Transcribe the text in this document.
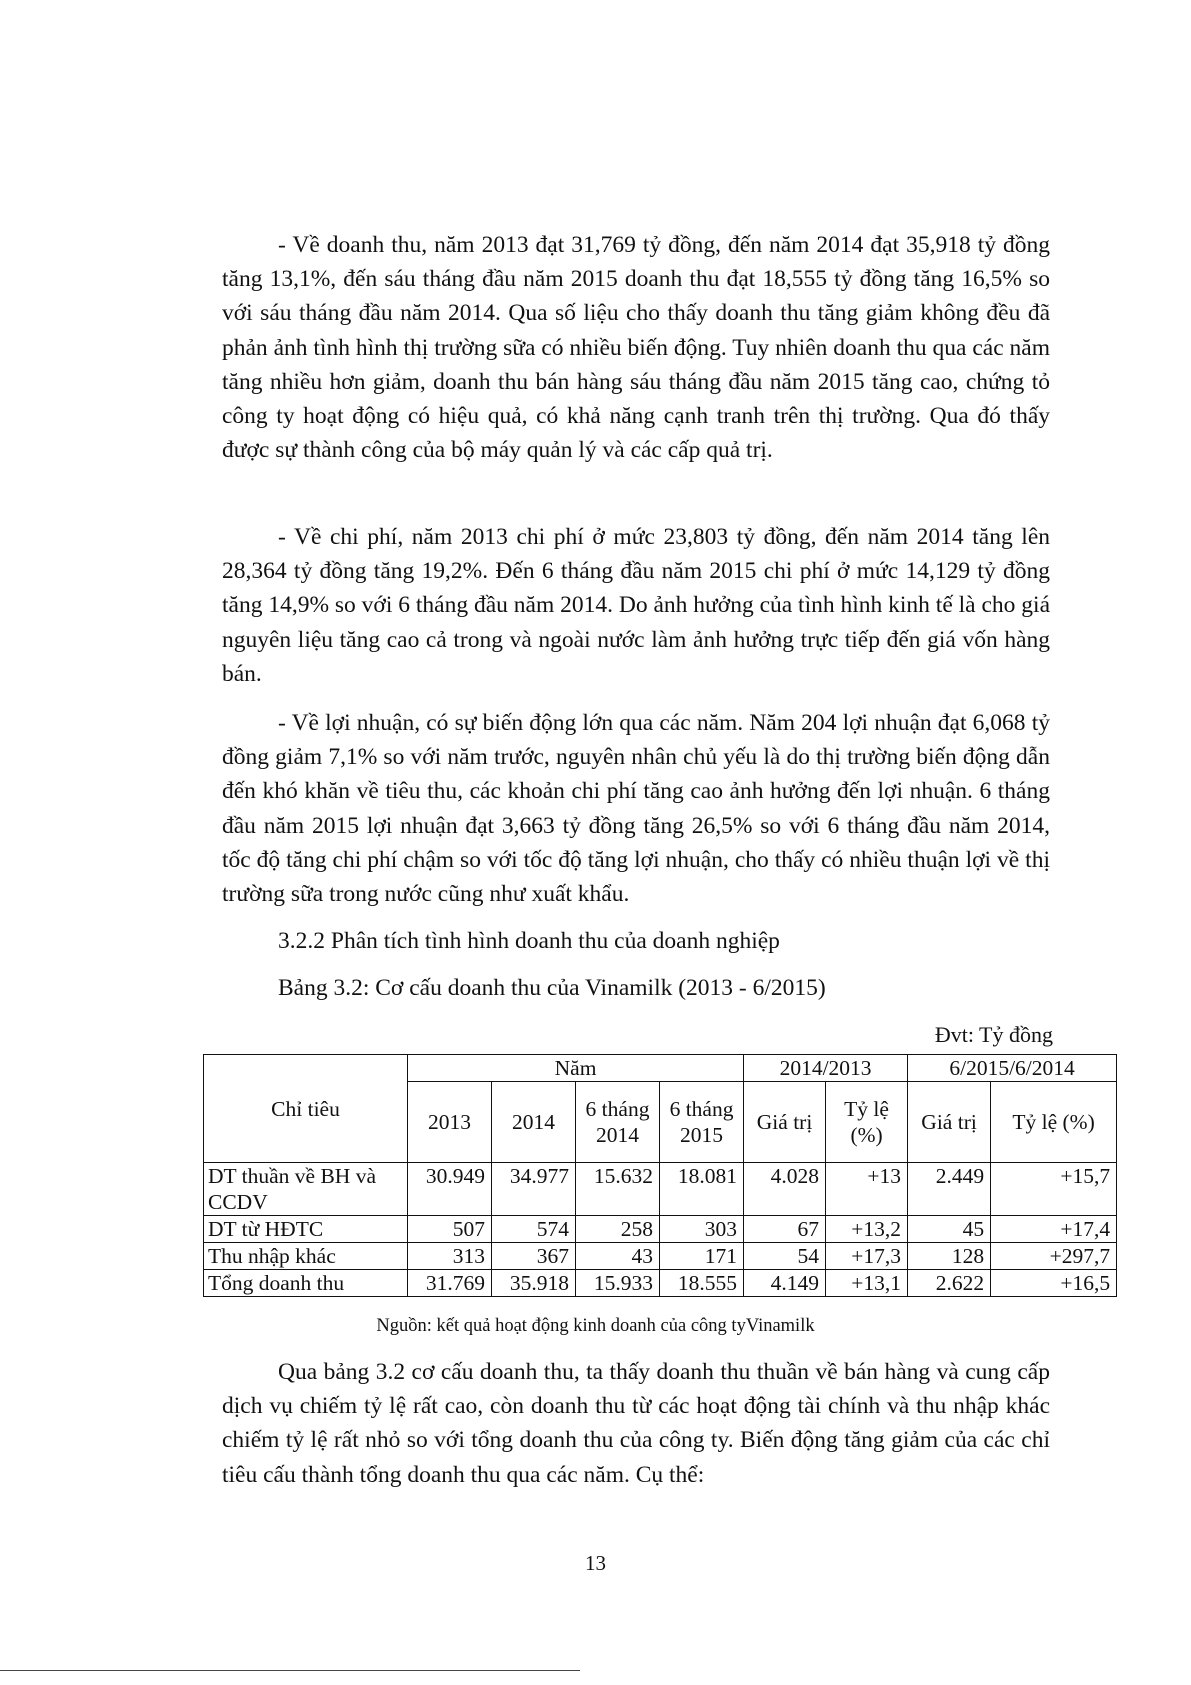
- Về doanh thu, năm 2013 đạt 31,769 tỷ đồng, đến năm 2014 đạt 35,918 tỷ đồng tăng 13,1%, đến sáu tháng đầu năm 2015 doanh thu đạt 18,555 tỷ đồng tăng 16,5% so với sáu tháng đầu năm 2014. Qua số liệu cho thấy doanh thu tăng giảm không đều đã phản ảnh tình hình thị trường sữa có nhiều biến động. Tuy nhiên doanh thu qua các năm tăng nhiều hơn giảm, doanh thu bán hàng sáu tháng đầu năm 2015 tăng cao, chứng tỏ công ty hoạt động có hiệu quả, có khả năng cạnh tranh trên thị trường. Qua đó thấy được sự thành công của bộ máy quản lý và các cấp quả trị.

- Về chi phí, năm 2013 chi phí ở mức 23,803 tỷ đồng, đến năm 2014 tăng lên 28,364 tỷ đồng tăng 19,2%. Đến 6 tháng đầu năm 2015 chi phí ở mức 14,129 tỷ đồng tăng 14,9% so với 6 tháng đầu năm 2014. Do ảnh hưởng của tình hình kinh tế là cho giá nguyên liệu tăng cao cả trong và ngoài nước làm ảnh hưởng trực tiếp đến giá vốn hàng bán.

- Về lợi nhuận, có sự biến động lớn qua các năm. Năm 204 lợi nhuận đạt 6,068 tỷ đồng giảm 7,1% so với năm trước, nguyên nhân chủ yếu là do thị trường biến động dẫn đến khó khăn về tiêu thu, các khoản chi phí tăng cao ảnh hưởng đến lợi nhuận. 6 tháng đầu năm 2015 lợi nhuận đạt 3,663 tỷ đồng tăng 26,5% so với 6 tháng đầu năm 2014, tốc độ tăng chi phí chậm so với tốc độ tăng lợi nhuận, cho thấy có nhiều thuận lợi về thị trường sữa trong nước cũng như xuất khẩu.

3.2.2 Phân tích tình hình doanh thu của doanh nghiệp

Bảng 3.2: Cơ cấu doanh thu của Vinamilk (2013 - 6/2015)

Đvt: Tỷ đồng
Chỉ tiêu	Năm				2014/2013		6/2015/6/2014	
	2013	2014	6 tháng 2014	6 tháng 2015	Giá trị	Tỷ lệ (%)	Giá trị	Tỷ lệ (%)
DT thuần về BH và CCDV	30.949	34.977	15.632	18.081	4.028	+13	2.449	+15,7
DT từ HĐTC	507	574	258	303	67	+13,2	45	+17,4
Thu nhập khác	313	367	43	171	54	+17,3	128	+297,7
Tổng doanh thu	31.769	35.918	15.933	18.555	4.149	+13,1	2.622	+16,5
Nguồn: kết quả hoạt động kinh doanh của công tyVinamilk

Qua bảng 3.2 cơ cấu doanh thu, ta thấy doanh thu thuần về bán hàng và cung cấp dịch vụ chiếm tỷ lệ rất cao, còn doanh thu từ các hoạt động tài chính và thu nhập khác chiếm tỷ lệ rất nhỏ so với tổng doanh thu của công ty. Biến động tăng giảm của các chỉ tiêu cấu thành tổng doanh thu qua các năm. Cụ thể:

13
